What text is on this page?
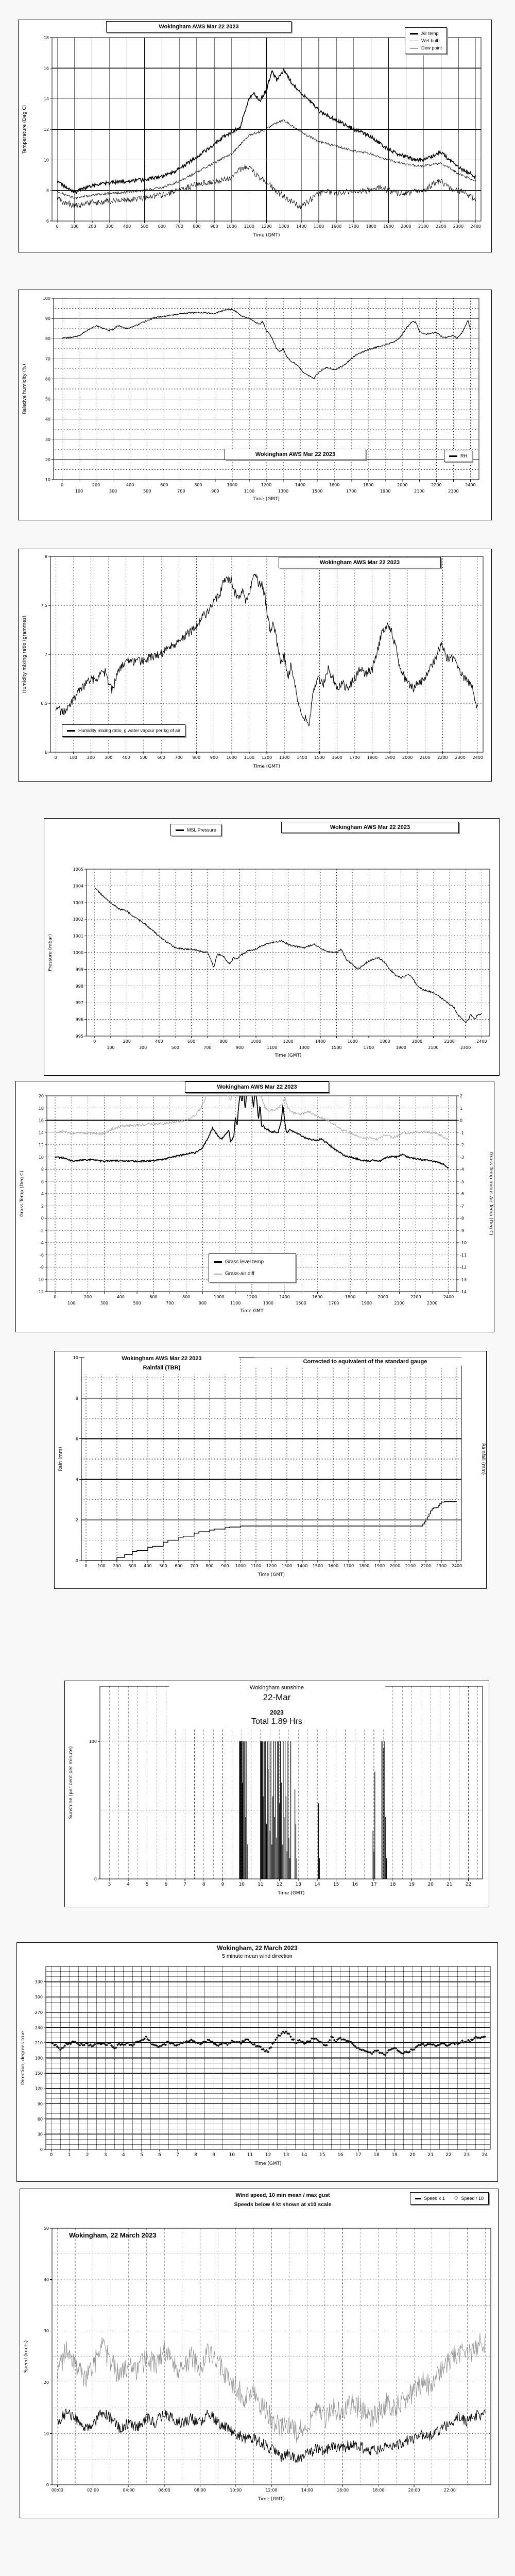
0	100 200 300 400 500 600 700 800 900 1000 1100 1200 1300 1400 1500 1600 1700 1800 1900 2000 2100 2200 2300 2400
6
8
10
12
14
16
18
Time (GMT)
Temperature (Deg C)
Wokingham AWS Mar 22 2023
Air temp
Wet bulb
Dew point
0
100
200
300
400
500
600
700
800
900
1000
1100
1200
1300
1400
1500
1600
1700
1800
1900
2000
2100
2200
2300
2400
10
20
30
40
50
60
70
80
90
100
Time (GMT)
Relative humidity (%)
Wokingham AWS Mar 22 2023	RH
0	100 200 300 400 500 600 700 800 900 1000 1100 1200 1300 1400 1500 1600 1700 1800 1900 2000 2100 2200 2300 2400
6
6.5
7
7.5
8
Time (GMT)
Humidity mixing ratio (grammes)
Wokingham AWS Mar 22 2023
Humidity mixing ratio, g water vapour per kg of air
0
100
200
300
400
500
600
700
800
900
1000
1100
1200
1300
1400
1500
1600
1700
1800
1900
2000
2100
2200
2300
2400
995
996
997
998
999
1000
1001
1002
1003
1004
1005
Time (GMT)
Pressure (mbar)
MSL Pressure	Wokingham AWS Mar 22 2023
0
100
200
300
400
500
600
700
800
900
1000
1100
1200
1300
1400
1500
1600
1700
1800
1900
2000
2100
2200
2300
2400
-12
-10
-8
-6
-4
-2
0
2
4
6
8
10
12
14
16
18
20
-14
-13
-12
-11
-10
-9
-8
-7
-6
-5
-4
-3
-2
-1
0
1
2
Time GMT
Grass Temp (Deg C)	Grass Temp minus Air Temp (Deg C)
Wokingham AWS Mar 22 2023
Grass level temp
Grass-air diff
0 100 200 300 400 500 600 700 800 900 1000 1100 1200 1300 1400 1500 1600 1700 1800 1900 2000 2100 2200 2300 2400
0
2
4
6
8
10
Time (GMT)
Rain (mm)	Rainfall (mm)
Wokingham AWS Mar 22 2023
Rainfall (TBR)
Corrected to equivalent of the standard gauge
3	4	5	6	7	8	9	10	11	12	13	14	15	16	17	18	19	20	21	22
0
100
Time (GMT)
Sunshine (per cent per minute)
Wokingham sunshine
22-Mar
2023
Total 1.89 Hrs
0	1	2	3	4	5	6	7	8	9	10	11	12	13	14	15	16	17	18	19	20	21	22	23	24
0
30
60
90
120
150
180
210
240
270
300
330
Time (GMT)
Direction, degrees true
Wokingham, 22 March 2023
5 minute mean wind direction
00:00	02:00	04:00	06:00	08:00	10:00	12:00	14:00	16:00	18:00	20:00	22:00
0
10
20
30
40
50
Time (GMT)
Speed (knots)
Wind speed, 10 min mean / max gust
Speeds below 4 kt shown at x10 scale
Speed x 1 ◇ Speed / 10
Wokingham, 22 March 2023
